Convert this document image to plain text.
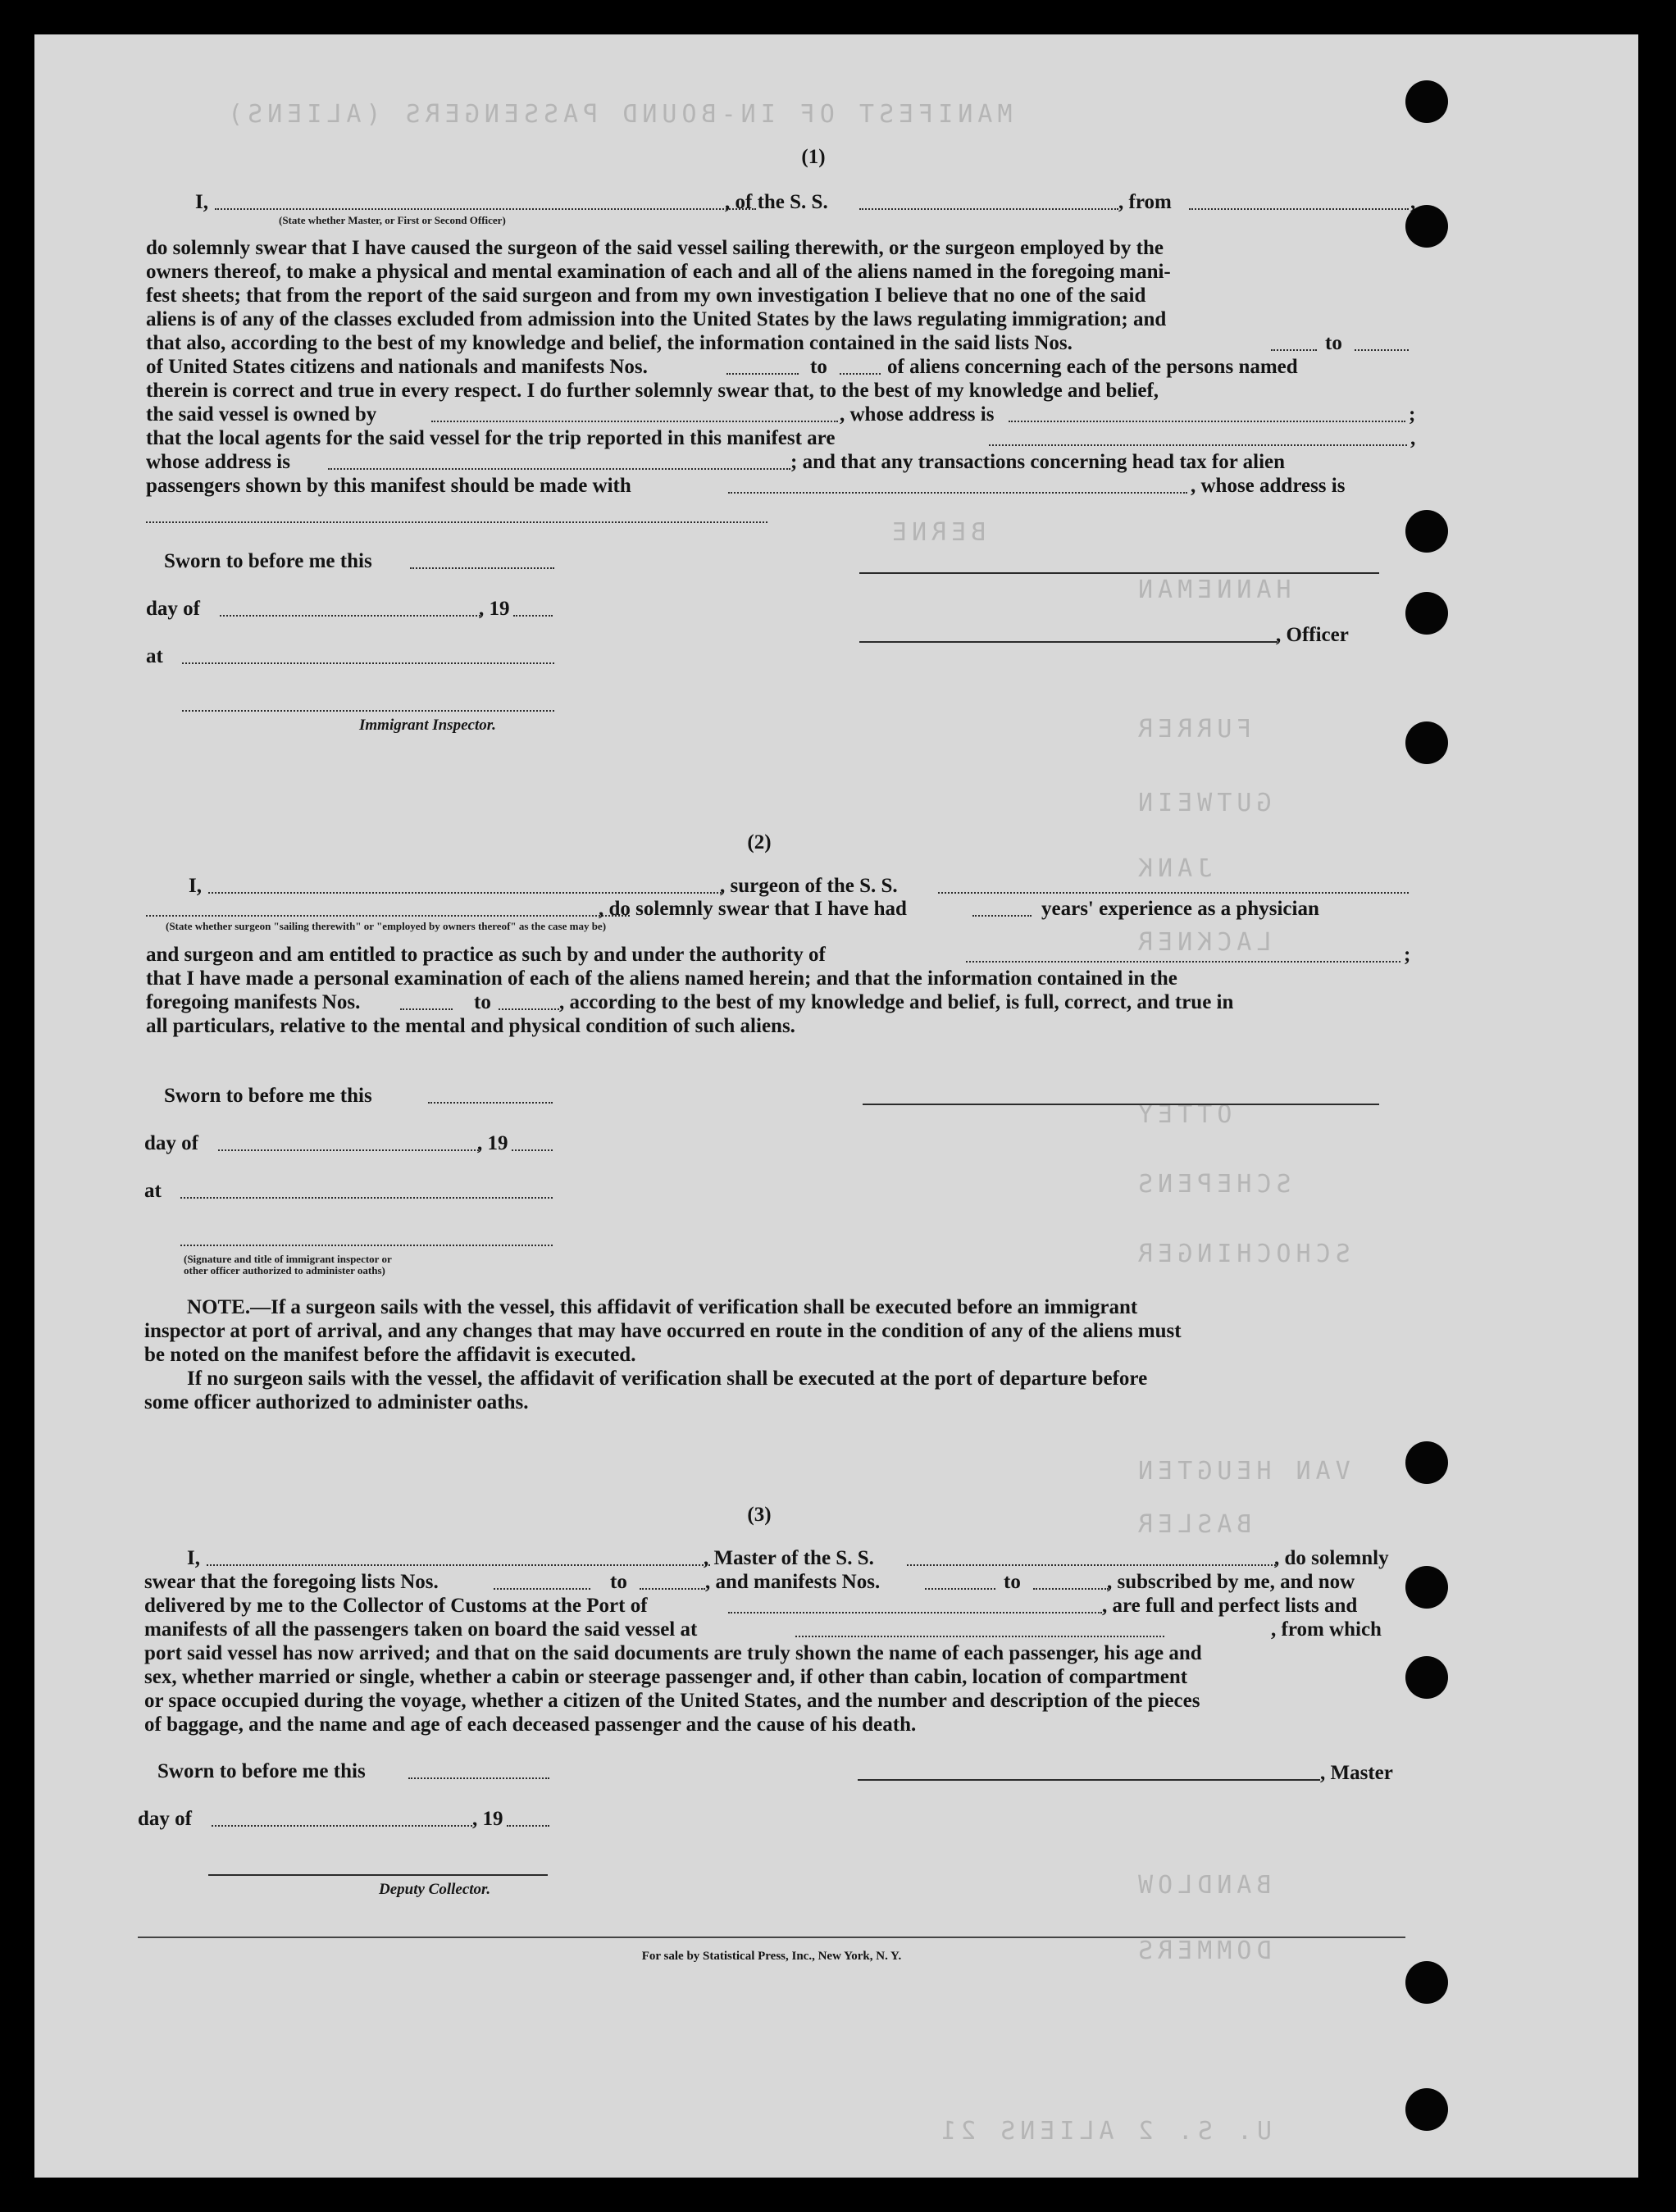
MANIFEST OF IN-BOUND PASSENGERS (ALIENS)
BERNE
HANNEMAN
FURRER
GUTWEIN
JANK
LACKNER
OTTEY
SCHEPENS
SCHOCHINGER
VAN HEUGTEN
BASLER
BANDLOW
DOMMERS
U. S. 2 ALIENS 21
(1)
I,	, of the S. S.	, from	,
(State whether Master, or First or Second Officer)
do solemnly swear that I have caused the surgeon of the said vessel sailing therewith, or the surgeon employed by the
owners thereof, to make a physical and mental examination of each and all of the aliens named in the foregoing mani-
fest sheets; that from the report of the said surgeon and from my own investigation I believe that no one of the said
aliens is of any of the classes excluded from admission into the United States by the laws regulating immigration; and
that also, according to the best of my knowledge and belief, the information contained in the said lists Nos.	to
of United States citizens and nationals and manifests Nos.	to	of aliens concerning each of the persons named
therein is correct and true in every respect. I do further solemnly swear that, to the best of my knowledge and belief,
the said vessel is owned by	, whose address is	;
that the local agents for the said vessel for the trip reported in this manifest are	,
whose address is	; and that any transactions concerning head tax for alien
passengers shown by this manifest should be made with	, whose address is
Sworn to before me this
day of	, 19
, Officer
at
Immigrant Inspector.
(2)
I,	, surgeon of the S. S.
, do solemnly swear that I have had	years' experience as a physician
(State whether surgeon "sailing therewith" or "employed by owners thereof" as the case may be)
and surgeon and am entitled to practice as such by and under the authority of	;
that I have made a personal examination of each of the aliens named herein; and that the information contained in the
foregoing manifests Nos.	to	, according to the best of my knowledge and belief, is full, correct, and true in
all particulars, relative to the mental and physical condition of such aliens.
Sworn to before me this
day of	, 19
at
(Signature and title of immigrant inspector or
other officer authorized to administer oaths)
NOTE.—If a surgeon sails with the vessel, this affidavit of verification shall be executed before an immigrant
inspector at port of arrival, and any changes that may have occurred en route in the condition of any of the aliens must
be noted on the manifest before the affidavit is executed.
If no surgeon sails with the vessel, the affidavit of verification shall be executed at the port of departure before
some officer authorized to administer oaths.
(3)
I,	, Master of the S. S.	, do solemnly
swear that the foregoing lists Nos.	to	, and manifests Nos.	to	, subscribed by me, and now
delivered by me to the Collector of Customs at the Port of	, are full and perfect lists and
manifests of all the passengers taken on board the said vessel at	, from which
port said vessel has now arrived; and that on the said documents are truly shown the name of each passenger, his age and
sex, whether married or single, whether a cabin or steerage passenger and, if other than cabin, location of compartment
or space occupied during the voyage, whether a citizen of the United States, and the number and description of the pieces
of baggage, and the name and age of each deceased passenger and the cause of his death.
Sworn to before me this	, Master
day of	, 19
Deputy Collector.
For sale by Statistical Press, Inc., New York, N. Y.
